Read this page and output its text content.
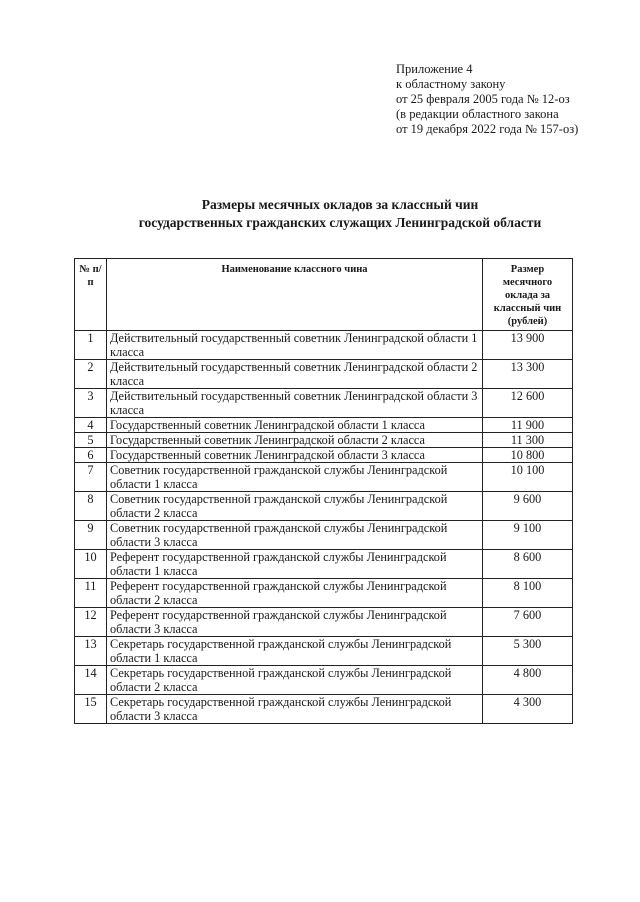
Приложение 4
к областному закону
от 25 февраля 2005 года № 12-оз
(в редакции областного закона
от 19 декабря 2022 года № 157-оз)
Размеры месячных окладов за классный чин
государственных гражданских служащих Ленинградской области
№ п/п	Наименование классного чина	Размер месячного оклада за классный чин (рублей)
1	Действительный государственный советник Ленинградской области 1 класса	13 900
2	Действительный государственный советник Ленинградской области 2 класса	13 300
3	Действительный государственный советник Ленинградской области 3 класса	12 600
4	Государственный советник Ленинградской области 1 класса	11 900
5	Государственный советник Ленинградской области 2 класса	11 300
6	Государственный советник Ленинградской области 3 класса	10 800
7	Советник государственной гражданской службы Ленинградской области 1 класса	10 100
8	Советник государственной гражданской службы Ленинградской области 2 класса	9 600
9	Советник государственной гражданской службы Ленинградской области 3 класса	9 100
10	Референт государственной гражданской службы Ленинградской области 1 класса	8 600
11	Референт государственной гражданской службы Ленинградской области 2 класса	8 100
12	Референт государственной гражданской службы Ленинградской области 3 класса	7 600
13	Секретарь государственной гражданской службы Ленинградской области 1 класса	5 300
14	Секретарь государственной гражданской службы Ленинградской области 2 класса	4 800
15	Секретарь государственной гражданской службы Ленинградской области 3 класса	4 300
